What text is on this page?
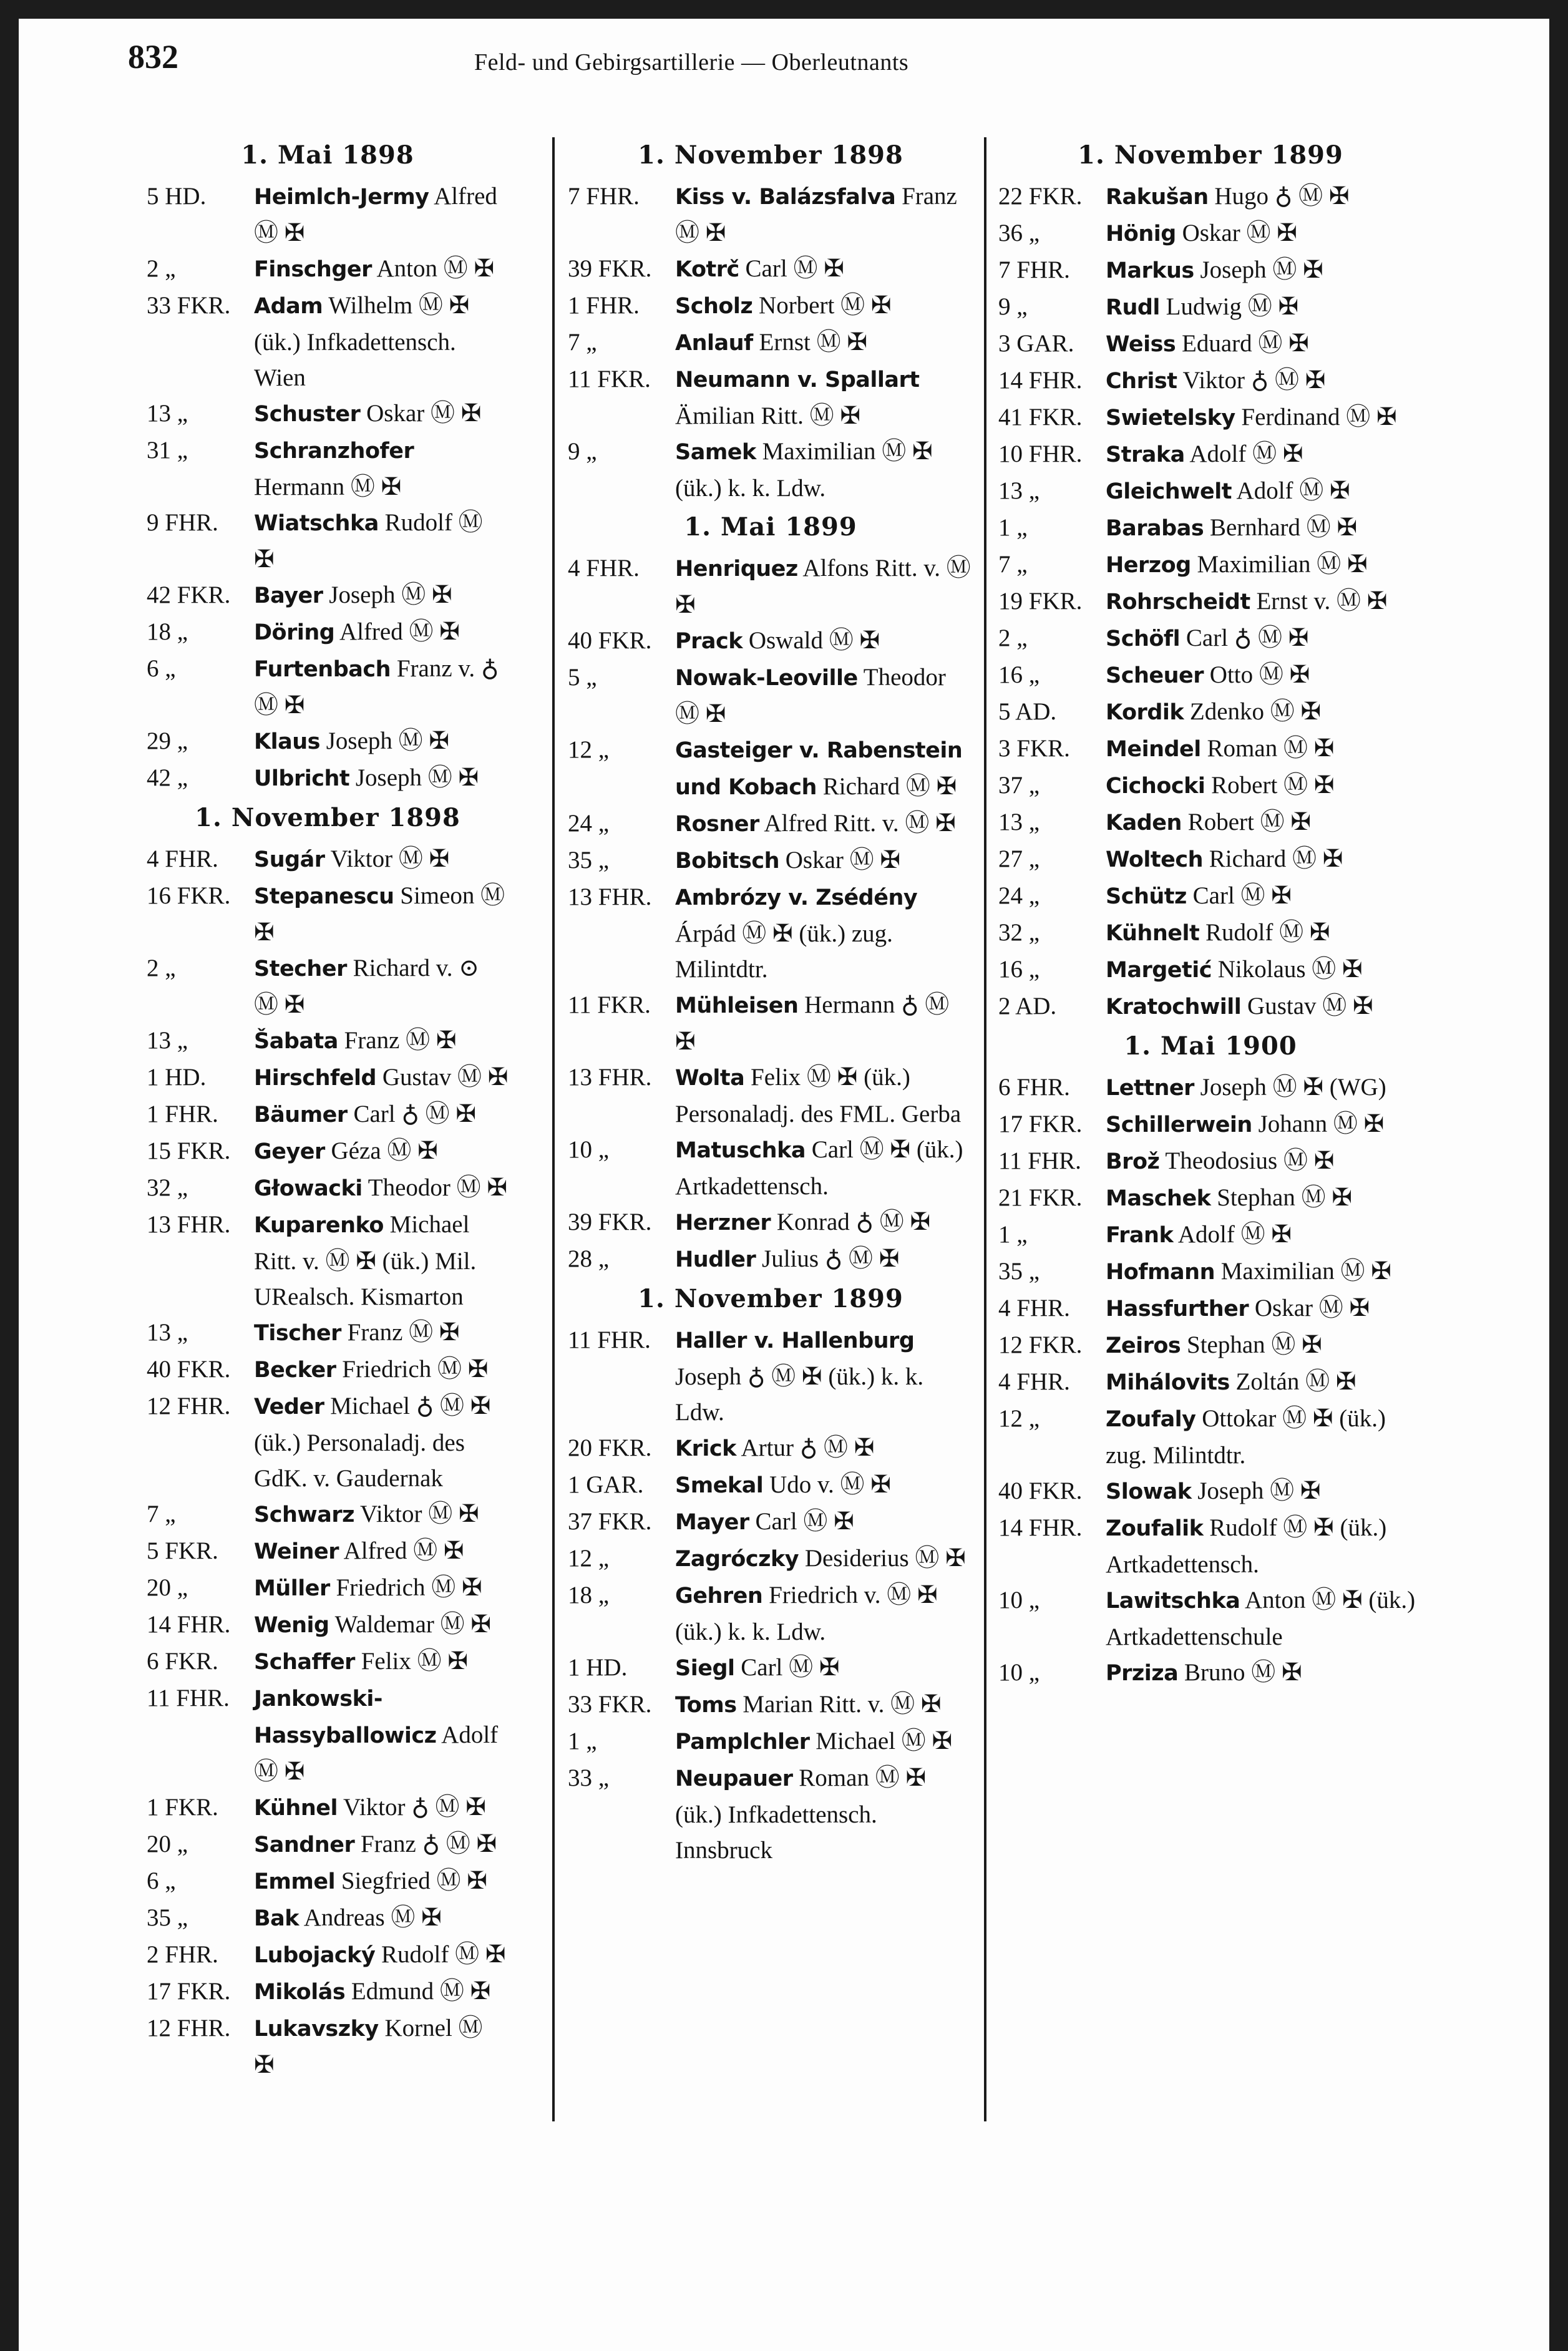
832	Feld- und Gebirgsartillerie — Oberleutnants
1. Mai 1898

5 HD.	Heimlch-Jermy Alfred Ⓜ ✠

2 „	Finschger Anton Ⓜ ✠

33 FKR.	Adam Wilhelm Ⓜ ✠ (ük.) Infkadettensch. Wien

13 „	Schuster Oskar Ⓜ ✠

31 „	Schranzhofer Hermann Ⓜ ✠

9 FHR.	Wiatschka Rudolf Ⓜ ✠

42 FKR.	Bayer Joseph Ⓜ ✠

18 „	Döring Alfred Ⓜ ✠

6 „	Furtenbach Franz v. ♁ Ⓜ ✠

29 „	Klaus Joseph Ⓜ ✠

42 „	Ulbricht Joseph Ⓜ ✠

1. November 1898

4 FHR.	Sugár Viktor Ⓜ ✠

16 FKR.	Stepanescu Simeon Ⓜ ✠

2 „	Stecher Richard v. ⊙ Ⓜ ✠

13 „	Šabata Franz Ⓜ ✠

1 HD.	Hirschfeld Gustav Ⓜ ✠

1 FHR.	Bäumer Carl ♁ Ⓜ ✠

15 FKR.	Geyer Géza Ⓜ ✠

32 „	Głowacki Theodor Ⓜ ✠

13 FHR.	Kuparenko Michael Ritt. v. Ⓜ ✠ (ük.) Mil. URealsch. Kismarton

13 „	Tischer Franz Ⓜ ✠

40 FKR.	Becker Friedrich Ⓜ ✠

12 FHR.	Veder Michael ♁ Ⓜ ✠ (ük.) Personaladj. des GdK. v. Gaudernak

7 „	Schwarz Viktor Ⓜ ✠

5 FKR.	Weiner Alfred Ⓜ ✠

20 „	Müller Friedrich Ⓜ ✠

14 FHR.	Wenig Waldemar Ⓜ ✠

6 FKR.	Schaffer Felix Ⓜ ✠

11 FHR.	Jankowski-Hassyballowicz Adolf Ⓜ ✠

1 FKR.	Kühnel Viktor ♁ Ⓜ ✠

20 „	Sandner Franz ♁ Ⓜ ✠

6 „	Emmel Siegfried Ⓜ ✠

35 „	Bak Andreas Ⓜ ✠

2 FHR.	Lubojacký Rudolf Ⓜ ✠

17 FKR.	Mikolás Edmund Ⓜ ✠

12 FHR.	Lukavszky Kornel Ⓜ ✠

1. November 1898

7 FHR.	Kiss v. Balázsfalva Franz Ⓜ ✠

39 FKR.	Kotrč Carl Ⓜ ✠

1 FHR.	Scholz Norbert Ⓜ ✠

7 „	Anlauf Ernst Ⓜ ✠

11 FKR.	Neumann v. Spallart Ämilian Ritt. Ⓜ ✠

9 „	Samek Maximilian Ⓜ ✠ (ük.) k. k. Ldw.

1. Mai 1899

4 FHR.	Henriquez Alfons Ritt. v. Ⓜ ✠

40 FKR.	Prack Oswald Ⓜ ✠

5 „	Nowak-Leoville Theodor Ⓜ ✠

12 „	Gasteiger v. Rabenstein und Kobach Richard Ⓜ ✠

24 „	Rosner Alfred Ritt. v. Ⓜ ✠

35 „	Bobitsch Oskar Ⓜ ✠

13 FHR.	Ambrózy v. Zsédény Árpád Ⓜ ✠ (ük.) zug. Milintdtr.

11 FKR.	Mühleisen Hermann ♁ Ⓜ ✠

13 FHR.	Wolta Felix Ⓜ ✠ (ük.) Personaladj. des FML. Gerba

10 „	Matuschka Carl Ⓜ ✠ (ük.) Artkadettensch.

39 FKR.	Herzner Konrad ♁ Ⓜ ✠

28 „	Hudler Julius ♁ Ⓜ ✠

1. November 1899

11 FHR.	Haller v. Hallenburg Joseph ♁ Ⓜ ✠ (ük.) k. k. Ldw.

20 FKR.	Krick Artur ♁ Ⓜ ✠

1 GAR.	Smekal Udo v. Ⓜ ✠

37 FKR.	Mayer Carl Ⓜ ✠

12 „	Zagróczky Desiderius Ⓜ ✠

18 „	Gehren Friedrich v. Ⓜ ✠ (ük.) k. k. Ldw.

1 HD.	Siegl Carl Ⓜ ✠

33 FKR.	Toms Marian Ritt. v. Ⓜ ✠

1 „	Pamplchler Michael Ⓜ ✠

33 „	Neupauer Roman Ⓜ ✠ (ük.) Infkadettensch. Innsbruck

1. November 1899

22 FKR.	Rakušan Hugo ♁ Ⓜ ✠

36 „	Hönig Oskar Ⓜ ✠

7 FHR.	Markus Joseph Ⓜ ✠

9 „	Rudl Ludwig Ⓜ ✠

3 GAR.	Weiss Eduard Ⓜ ✠

14 FHR.	Christ Viktor ♁ Ⓜ ✠

41 FKR.	Swietelsky Ferdinand Ⓜ ✠

10 FHR.	Straka Adolf Ⓜ ✠

13 „	Gleichwelt Adolf Ⓜ ✠

1 „	Barabas Bernhard Ⓜ ✠

7 „	Herzog Maximilian Ⓜ ✠

19 FKR.	Rohrscheidt Ernst v. Ⓜ ✠

2 „	Schöfl Carl ♁ Ⓜ ✠

16 „	Scheuer Otto Ⓜ ✠

5 AD.	Kordik Zdenko Ⓜ ✠

3 FKR.	Meindel Roman Ⓜ ✠

37 „	Cichocki Robert Ⓜ ✠

13 „	Kaden Robert Ⓜ ✠

27 „	Woltech Richard Ⓜ ✠

24 „	Schütz Carl Ⓜ ✠

32 „	Kühnelt Rudolf Ⓜ ✠

16 „	Margetić Nikolaus Ⓜ ✠

2 AD.	Kratochwill Gustav Ⓜ ✠

1. Mai 1900

6 FHR.	Lettner Joseph Ⓜ ✠ (WG)

17 FKR.	Schillerwein Johann Ⓜ ✠

11 FHR.	Brož Theodosius Ⓜ ✠

21 FKR.	Maschek Stephan Ⓜ ✠

1 „	Frank Adolf Ⓜ ✠

35 „	Hofmann Maximilian Ⓜ ✠

4 FHR.	Hassfurther Oskar Ⓜ ✠

12 FKR.	Zeiros Stephan Ⓜ ✠

4 FHR.	Mihálovits Zoltán Ⓜ ✠

12 „	Zoufaly Ottokar Ⓜ ✠ (ük.) zug. Milintdtr.

40 FKR.	Slowak Joseph Ⓜ ✠

14 FHR.	Zoufalik Rudolf Ⓜ ✠ (ük.) Artkadettensch.

10 „	Lawitschka Anton Ⓜ ✠ (ük.) Artkadettenschule

10 „	Prziza Bruno Ⓜ ✠
